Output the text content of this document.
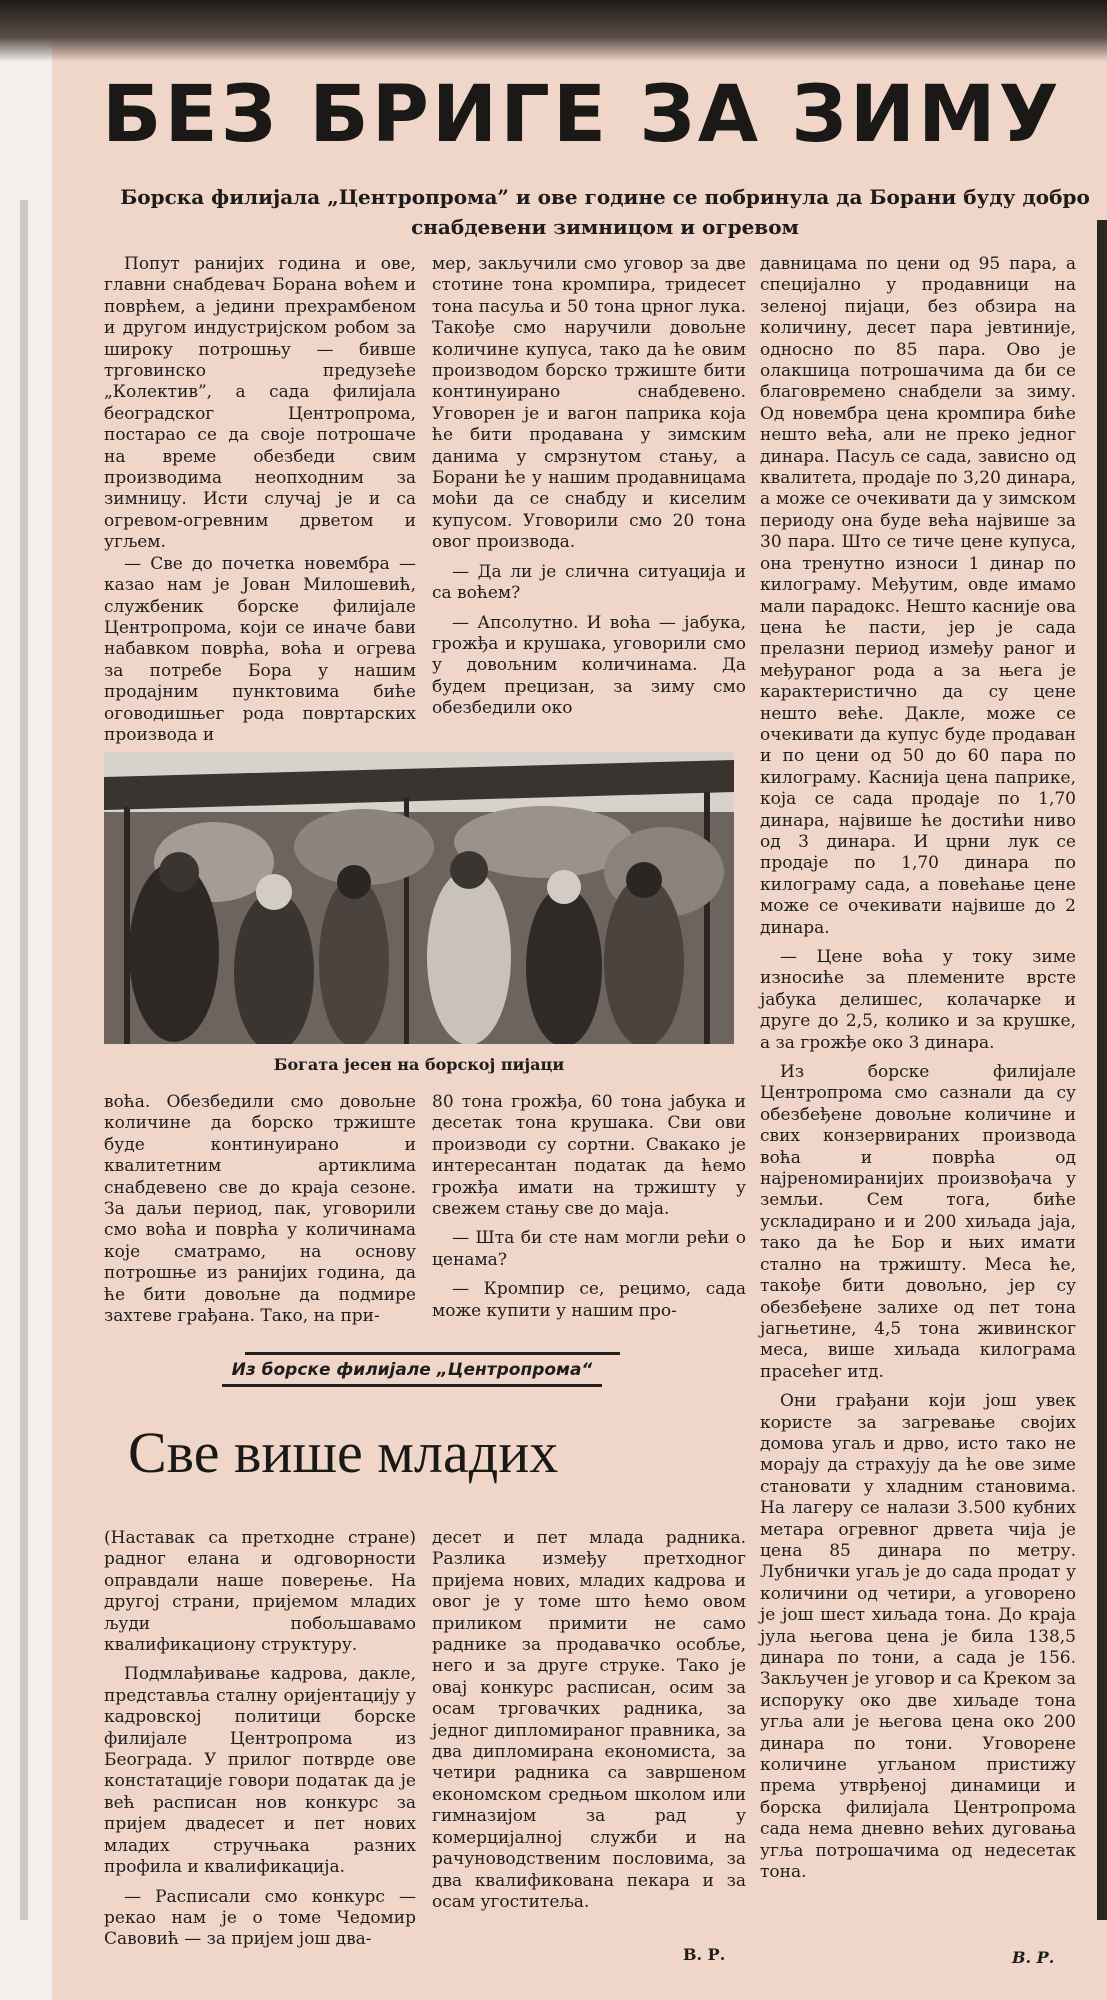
БЕЗ БРИГЕ ЗА ЗИМУ

Борска филијала „Центропрома” и ове године се побринула да Борани буду добро снабдевени зимницом и огревом

Попут ранијих година и ове, главни снабдевач Борана воћем и поврћем, а једини прехрамбеном и другом индустријском робом за широку потрошњу — бивше трговинско предузеће „Колектив”, а сада филијала београдског Центропрома, постарао се да своје потрошаче на време обезбеди свим производима неопходним за зимницу. Исти случај је и са огревом-огревним дрветом и угљем.

— Све до почетка новембра — казао нам је Јован Милошевић, службеник борске филијале Центропрома, који се иначе бави набавком поврћа, воћа и огрева за потребе Бора у нашим продајним пунктовима биће оговодишњег рода повртарских производа и

мер, закључили смо уговор за две стотине тона кромпира, тридесет тона пасуља и 50 тона црног лука. Такође смо наручили довољне количине купуса, тако да ће овим производом борско тржиште бити континуирано снабдевено. Уговорен је и вагон паприка која ће бити продавана у зимским данима у смрзнутом стању, а Борани ће у нашим продавницама моћи да се снабду и киселим купусом. Уговорили смо 20 тона овог производа.

— Да ли је слична ситуација и са воћем?

— Апсолутно. И воћа — јабука, грожђа и крушака, уговорили смо у довољним количинама. Да будем прецизан, за зиму смо обезбедили око

давницама по цени од 95 пара, а специјално у продавници на зеленој пијаци, без обзира на количину, десет пара јевтиније, односно по 85 пара. Ово је олакшица потрошачима да би се благовремено снабдели за зиму. Од новембра цена кромпира биће нешто већа, али не преко једног динара. Пасуљ се сада, зависно од квалитета, продаје по 3,20 динара, а може се очекивати да у зимском периоду она буде већа највише за 30 пара. Што се тиче цене купуса, она тренутно износи 1 динар по килограму. Међутим, овде имамо мали парадокс. Нешто касније ова цена ће пасти, јер је сада прелазни период између раног и међураног рода а за њега је карактеристично да су цене нешто веће. Дакле, може се очекивати да купус буде продаван и по цени од 50 до 60 пара по килограму. Каснија цена паприке, која се сада продаје по 1,70 динара, највише ће достићи ниво од 3 динара. И црни лук се продаје по 1,70 динара по килограму сада, а повећање цене може се очекивати највише до 2 динара.

— Цене воћа у току зиме износиће за племените врсте јабука делишес, колачарке и друге до 2,5, колико и за крушке, а за грожђе око 3 динара.

Из борске филијале Центропрома смо сазнали да су обезбеђене довољне количине и свих конзервираних производа воћа и поврћа од најреномиранијих произвођача у земљи. Сем тога, биће ускладирано и и 200 хиљада јаја, тако да ће Бор и њих имати стално на тржишту. Меса ће, такође бити довољно, јер су обезбеђене залихе од пет тона јагњетине, 4,5 тона живинског меса, више хиљада килограма прасећег итд.

Они грађани који још увек користе за загревање својих домова угаљ и дрво, исто тако не морају да страхују да ће ове зиме становати у хладним становима. На лагеру се налази 3.500 кубних метара огревног дрвета чија је цена 85 динара по метру. Лубнички угаљ је до сада продат у количини од четири, а уговорено је још шест хиљада тона. До краја јула његова цена је била 138,5 динара по тони, а сада је 156. Закључен је уговор и са Креком за испоруку око две хиљаде тона угља али је његова цена око 200 динара по тони. Уговорене количине угљаном пристижу према утврђеној динамици и борска филијала Центропрома сада нема дневно већих дуговања угља потрошачима од недесетак тона.

Богата јесен на борској пијаци

воћа. Обезбедили смо довољне количине да борско тржиште буде континуирано и квалитетним артиклима снабдевено све до краја сезоне. За даљи период, пак, уговорили смо воћа и поврћа у количинама које сматрамо, на основу потрошње из ранијих година, да ће бити довољне да подмире захтеве грађана. Тако, на при-

80 тона грожђа, 60 тона јабука и десетак тона крушака. Сви ови производи су сортни. Свакако је интересантан податак да ћемо грожђа имати на тржишту у свежем стању све до маја.

— Шта би сте нам могли рећи о ценама?

— Кромпир се, рецимо, сада може купити у нашим про-

Из борске филијале „Центропрома“

Све више младих

(Наставак са претходне стране) радног елана и одговорности оправдали наше поверење. На другој страни, пријемом младих људи побољшавамо квалификациону структуру.

Подмлађивање кадрова, дакле, представља сталну оријентацију у кадровској политици борске филијале Центропрома из Београда. У прилог потврде ове констатације говори податак да је већ расписан нов конкурс за пријем двадесет и пет нових младих стручњака разних профила и квалификација.

— Расписали смо конкурс — рекао нам је о томе Чедомир Савовић — за пријем још два-

десет и пет млада радника. Разлика између претходног пријема нових, младих кадрова и овог је у томе што ћемо овом приликом примити не само раднике за продавачко особље, него и за друге струке. Тако је овај конкурс расписан, осим за осам трговачких радника, за једног дипломираног правника, за два дипломирана економиста, за четири радника са завршеном економском средњом школом или гимназијом за рад у комерцијалној служби и на рачуноводственим пословима, за два квалификована пекара и за осам угоститеља.

В. Р.	В. Р.
